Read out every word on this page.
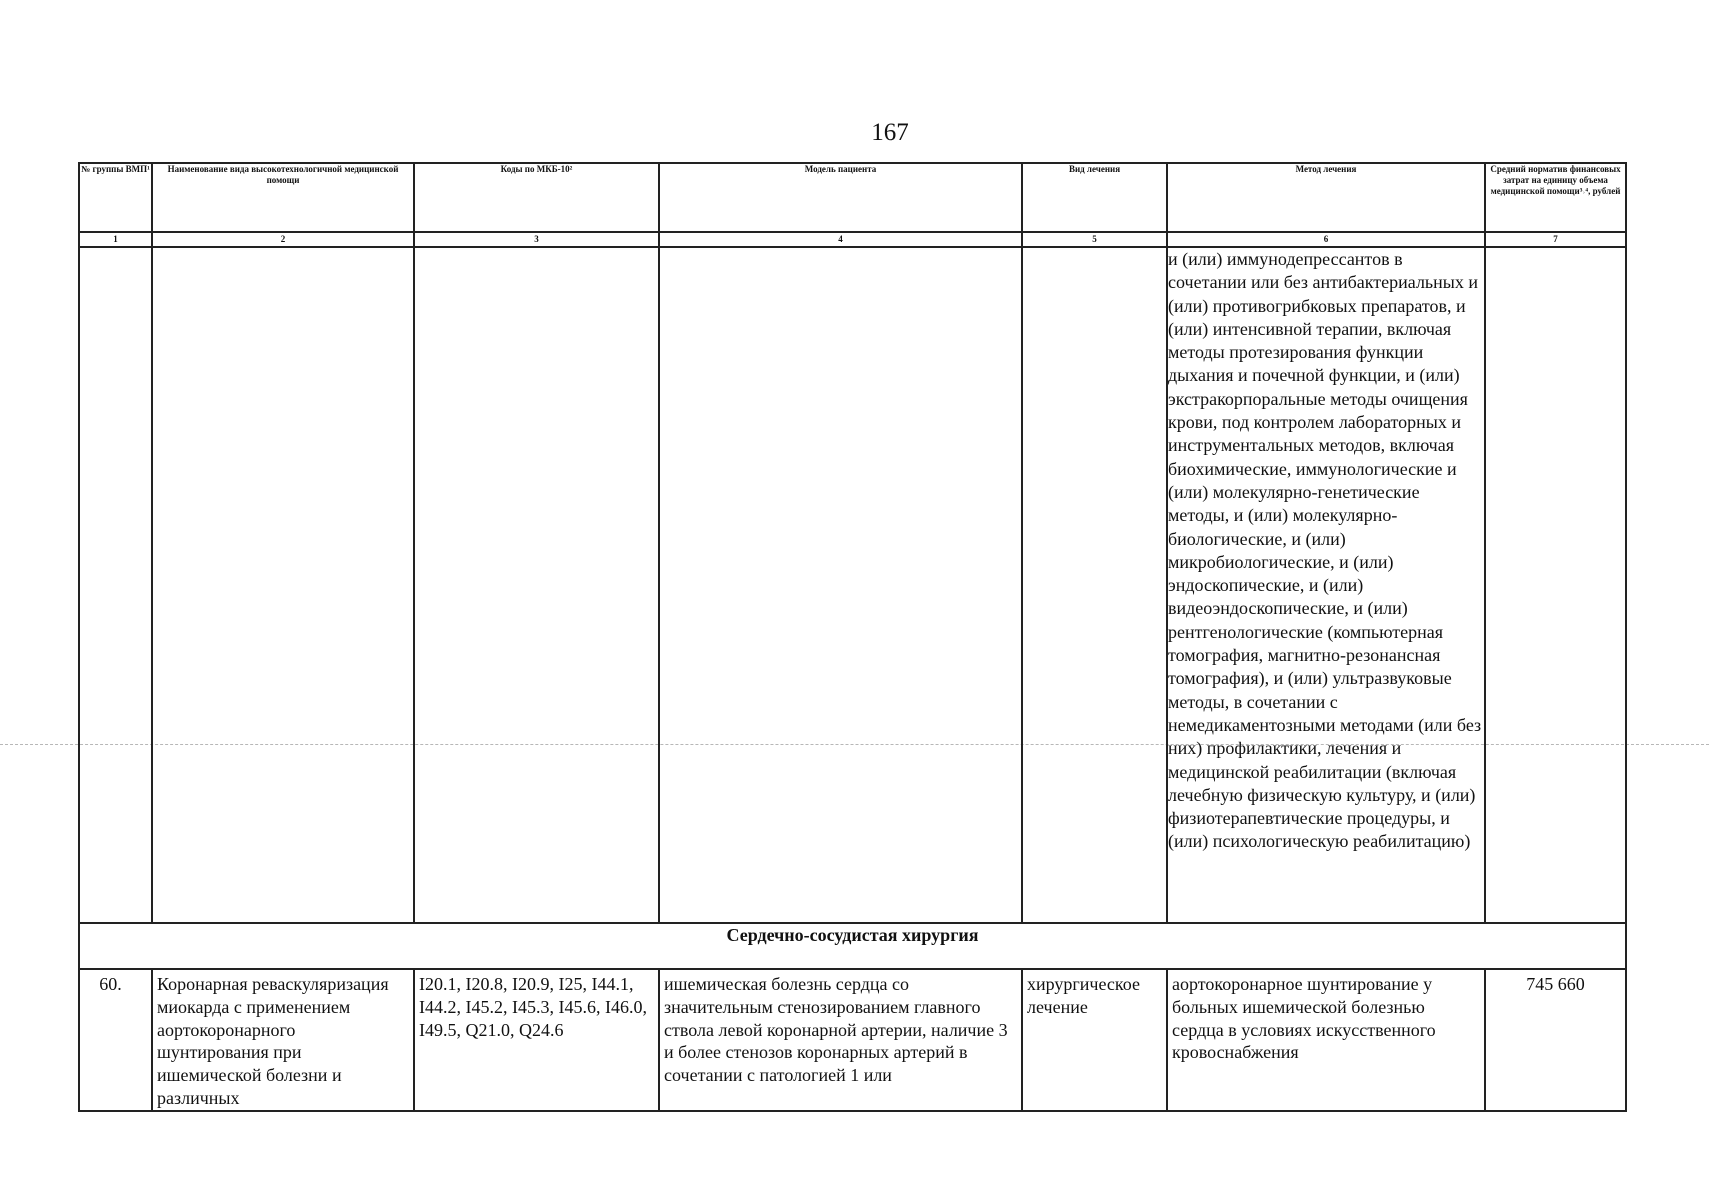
167
№ группы ВМП¹	Наименование вида высокотехнологичной медицинской помощи	Коды по МКБ-10²	Модель пациента	Вид лечения	Метод лечения	Средний норматив финансовых затрат на единицу объема медицинской помощи³˒⁴, рублей
1	2	3	4	5	6	7
					и (или) иммунодепрессантов в сочетании или без антибактериальных и (или) противогрибковых препаратов, и (или) интенсивной терапии, включая методы протезирования функции дыхания и почечной функции, и (или) экстракорпоральные методы очищения крови, под контролем лабораторных и инструментальных методов, включая биохимические, иммунологические и (или) молекулярно-генетические методы, и (или) молекулярно-биологические, и (или) микробиологические, и (или) эндоскопические, и (или) видеоэндоскопические, и (или) рентгенологические (компьютерная томография, магнитно-резонансная томография), и (или) ультразвуковые методы, в сочетании с немедикаментозными методами (или без них) профилактики, лечения и медицинской реабилитации (включая лечебную физическую культуру, и (или) физиотерапевтические процедуры, и (или) психологическую реабилитацию)	
Сердечно-сосудистая хирургия						
60.	Коронарная реваскуляризация миокарда с применением аортокоронарного шунтирования при ишемической болезни и различных	I20.1, I20.8, I20.9, I25, I44.1, I44.2, I45.2, I45.3, I45.6, I46.0, I49.5, Q21.0, Q24.6	ишемическая болезнь сердца со значительным стенозированием главного ствола левой коронарной артерии, наличие 3 и более стенозов коронарных артерий в сочетании с патологией 1 или	хирургическое лечение	аортокоронарное шунтирование у больных ишемической болезнью сердца в условиях искусственного кровоснабжения	745 660
